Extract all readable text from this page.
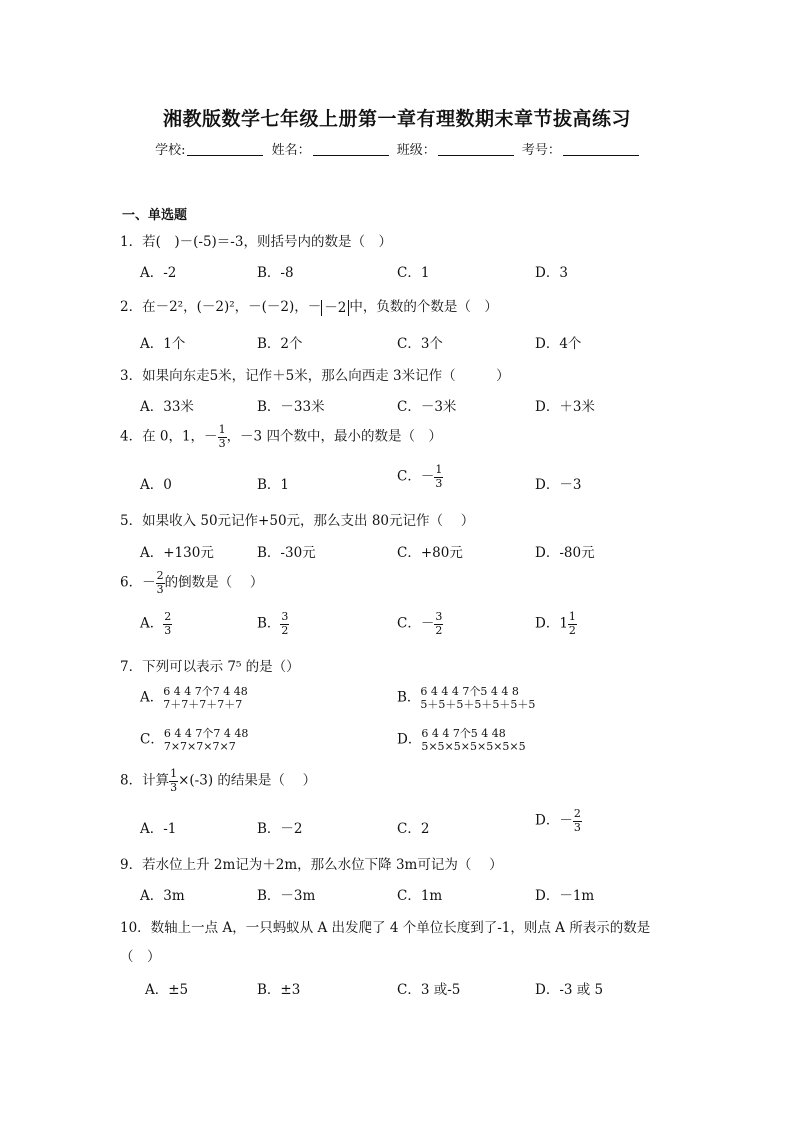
湘教版数学七年级上册第一章有理数期末章节拔高练习
学校:	姓名：	班级：	考号：
一、单选题
1．若(　)－(-5)＝-3，则括号内的数是（　）
A．-2	B．-8	C．1	D．3
2．在－2²，(－2)²，－(－2)，－ －2 中，负数的个数是（　）
A．1个	B．2个	C．3个	D．4个
3．如果向东走5米，记作＋5米，那么向西走 3米记作（　　　）
A．33米	B．－33米	C．－3米	D．＋3米
4．在 0，1，－ $\frac{1}{3}$ ，－3 四个数中，最小的数是（　）
A．0	B．1
C．－ $\frac{1}{3}$	D．－3
5．如果收入 50元记作+50元，那么支出 80元记作（　 ）
A．+130元	B．-30元	C．+80元	D．-80元
6．－ $\frac{2}{3}$ 的倒数是（　 ）
A． $\frac{2}{3}$	B． $\frac{3}{2}$	C．－ $\frac{3}{2}$	D．$1 \frac{1}{2}$
7．下列可以表示 7⁵ 的是（）
A． 6 4 4 7个7 4 48
7＋7＋7＋7＋7	B． 6 4 4 4 7个5 4 4 8
5＋5＋5＋5＋5＋5＋5
C． 6 4 4 7个7 4 48
7×7×7×7×7	D． 6 4 4 7个5 4 48
5×5×5×5×5×5×5
8．计算 $\frac{1}{3} \times(-3)$ 的结果是（　 ）
A．-1	B．－2	C．2
D．－ $\frac{2}{3}$
9．若水位上升 2m记为＋2m，那么水位下降 3m可记为（　 ）
A．3m	B．－3m	C．1m	D．－1m
10．数轴上一点 A，一只蚂蚁从 A 出发爬了 4 个单位长度到了-1，则点 A 所表示的数是
（　）
A．±5	B．±3	C．3 或-5	D．-3 或 5
